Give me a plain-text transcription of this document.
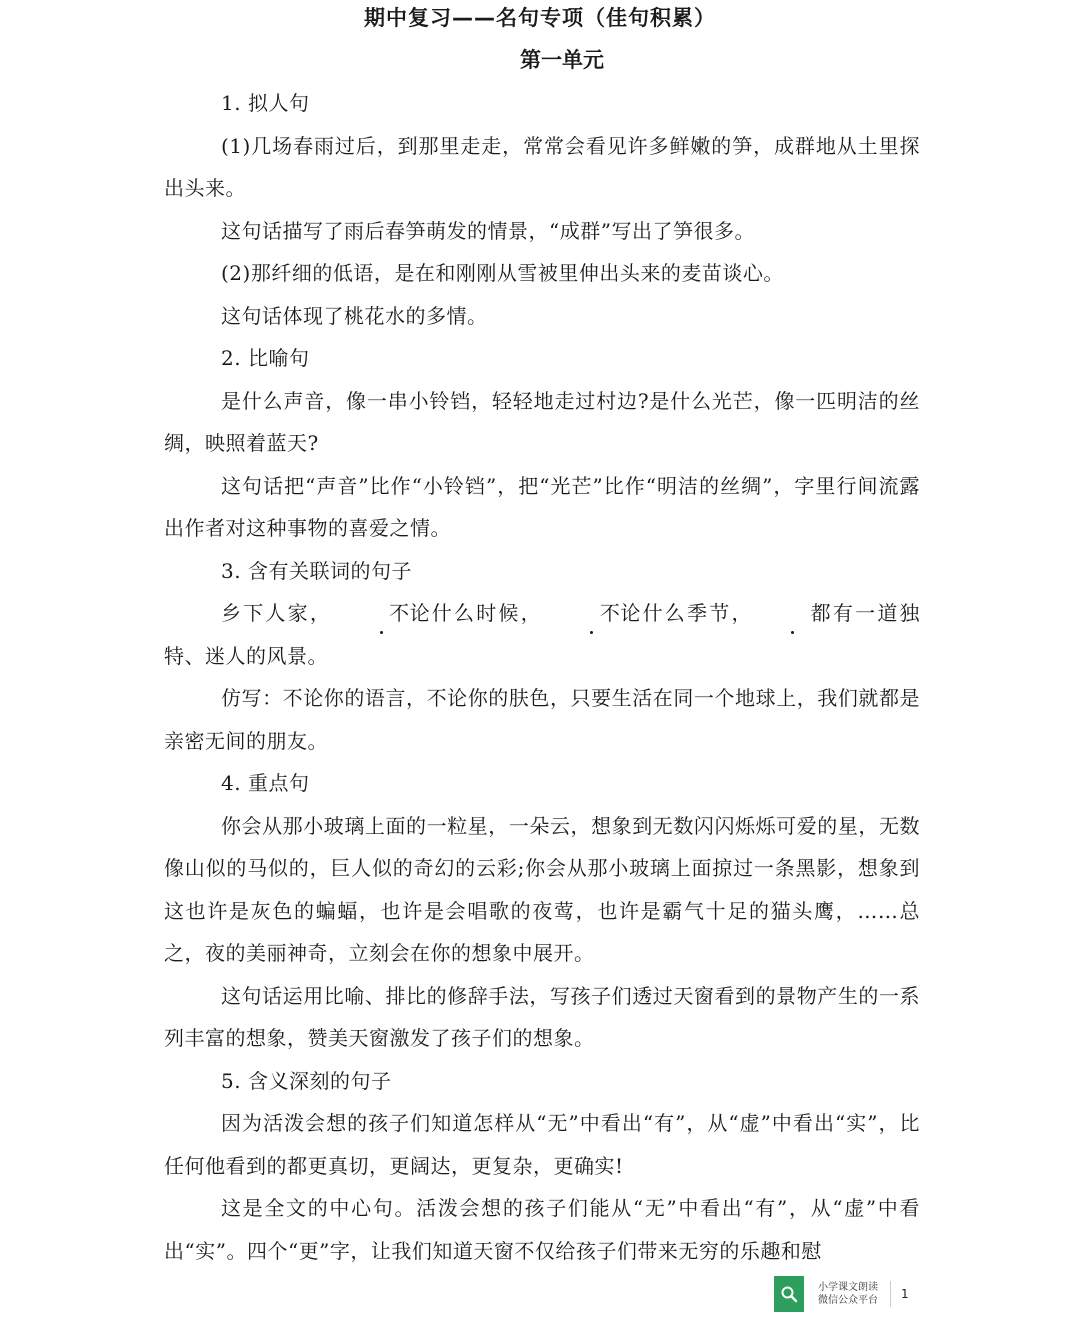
期中复习——名句专项（佳句积累）
第一单元

1. 拟人句

(1)几场春雨过后，到那里走走，常常会看见许多鲜嫩的笋，成群地从土里探出头来。

这句话描写了雨后春笋萌发的情景，“成群”写出了笋很多。

(2)那纤细的低语，是在和刚刚从雪被里伸出头来的麦苗谈心。

这句话体现了桃花水的多情。

2. 比喻句

是什么声音，像一串小铃铛，轻轻地走过村边?是什么光芒，像一匹明洁的丝绸，映照着蓝天?

这句话把“声音”比作“小铃铛”，把“光芒”比作“明洁的丝绸”，字里行间流露出作者对这种事物的喜爱之情。

3. 含有关联词的句子

乡下人家，	不论什么时候，	不论什么季节，	都有一道独特、迷人的风景。

仿写：不论你的语言，不论你的肤色，只要生活在同一个地球上，我们就都是亲密无间的朋友。

4. 重点句

你会从那小玻璃上面的一粒星，一朵云，想象到无数闪闪烁烁可爱的星，无数像山似的马似的，巨人似的奇幻的云彩;你会从那小玻璃上面掠过一条黑影，想象到这也许是灰色的蝙蝠，也许是会唱歌的夜莺，也许是霸气十足的猫头鹰，……总之，夜的美丽神奇，立刻会在你的想象中展开。

这句话运用比喻、排比的修辞手法，写孩子们透过天窗看到的景物产生的一系列丰富的想象，赞美天窗激发了孩子们的想象。

5. 含义深刻的句子

因为活泼会想的孩子们知道怎样从“无”中看出“有”，从“虚”中看出“实”，比任何他看到的都更真切，更阔达，更复杂，更确实!

这是全文的中心句。活泼会想的孩子们能从“无”中看出“有”，从“虚”中看出“实”。四个“更”字，让我们知道天窗不仅给孩子们带来无穷的乐趣和慰

小学课文朗读
微信公众平台 1
